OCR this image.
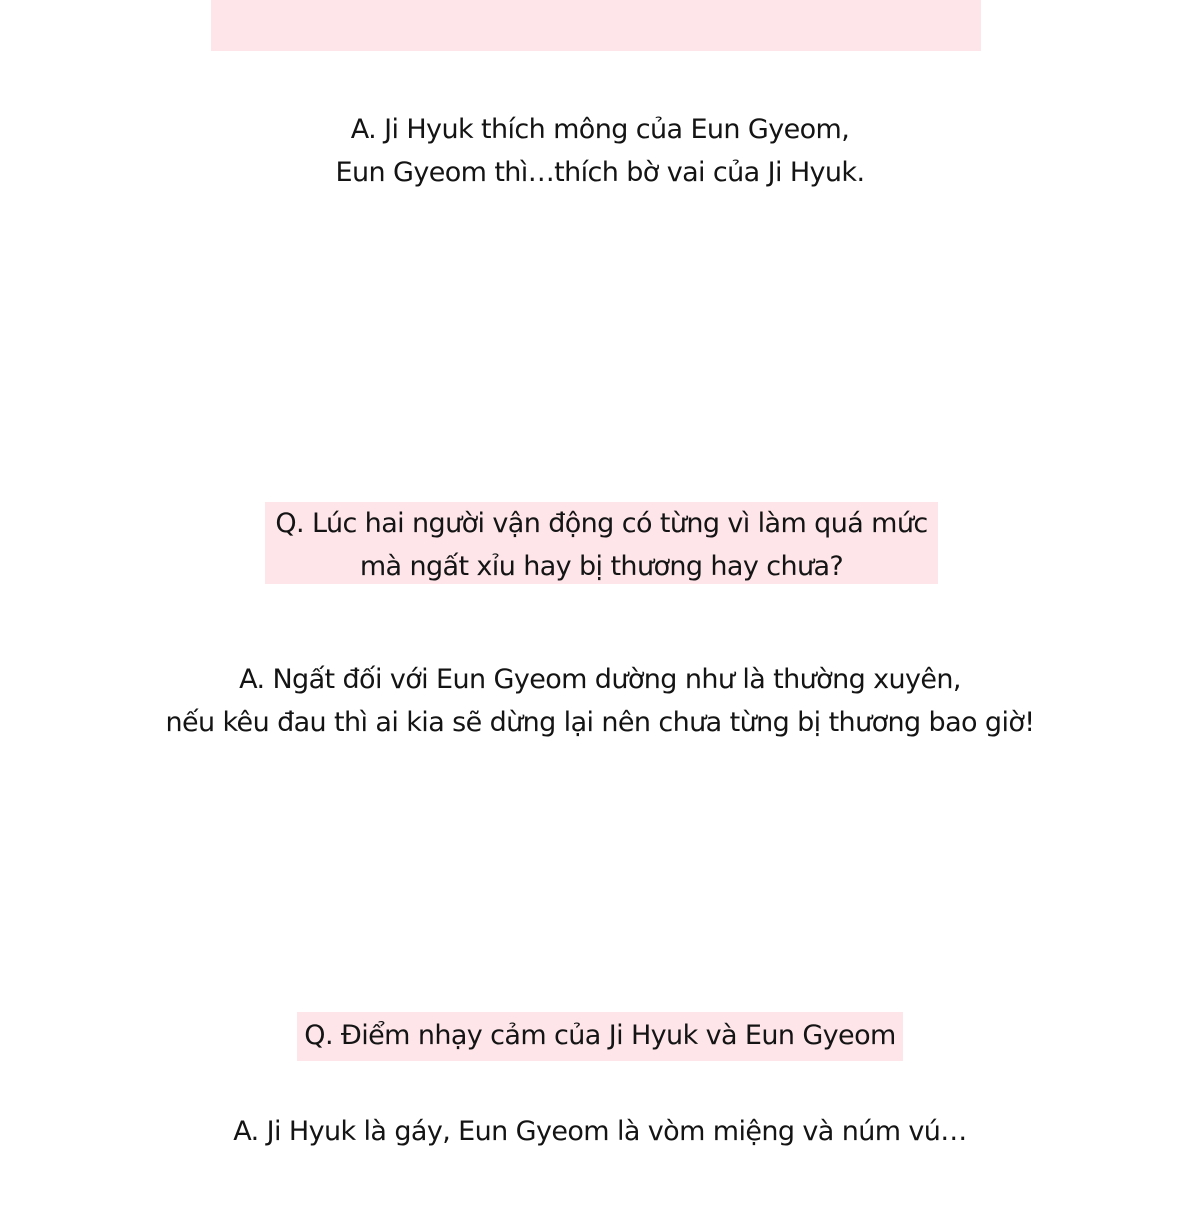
A. Ji Hyuk thích mông của Eun Gyeom,
Eun Gyeom thì…thích bờ vai của Ji Hyuk.
Q. Lúc hai người vận động có từng vì làm quá mức
mà ngất xỉu hay bị thương hay chưa?
A. Ngất đối với Eun Gyeom dường như là thường xuyên,
nếu kêu đau thì ai kia sẽ dừng lại nên chưa từng bị thương bao giờ!
Q. Điểm nhạy cảm của Ji Hyuk và Eun Gyeom
A. Ji Hyuk là gáy, Eun Gyeom là vòm miệng và núm vú…
